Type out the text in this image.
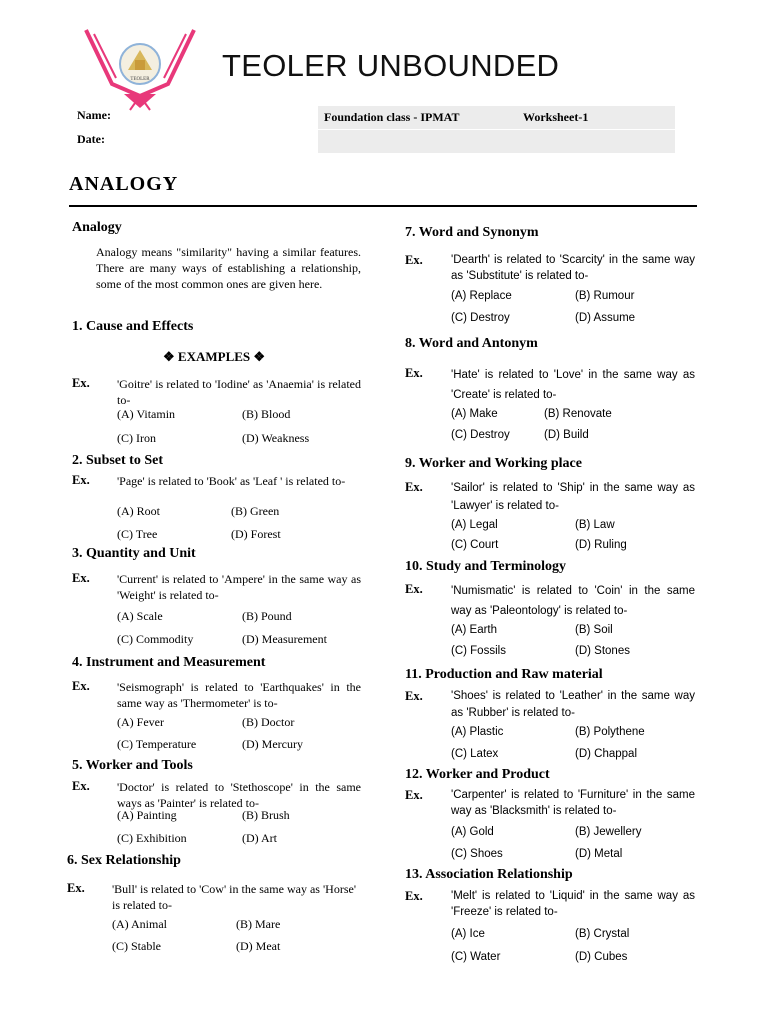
TEOLER TEOLER UNBOUNDED
Name:
Date:
Foundation class - IPMAT	Worksheet-1
ANALOGY
Analogy
Analogy means "similarity" having a similar features. There are many ways of establishing a relationship, some of the most common ones are given here.
1. Cause and Effects
❖ EXAMPLES ❖
Ex. 'Goitre' is related to 'Iodine' as 'Anaemia' is related to-
(A) Vitamin	(B) Blood
(C) Iron	(D) Weakness
2. Subset to Set
Ex. 'Page' is related to 'Book' as 'Leaf ' is related to-
(A) Root	(B) Green
(C) Tree	(D) Forest
3. Quantity and Unit
Ex. 'Current' is related to 'Ampere' in the same way as 'Weight' is related to-
(A) Scale	(B) Pound
(C) Commodity	(D) Measurement
4. Instrument and Measurement
Ex. 'Seismograph' is related to 'Earthquakes' in the same way as 'Thermometer' is to-
(A) Fever	(B) Doctor
(C) Temperature	(D) Mercury
5. Worker and Tools
Ex. 'Doctor' is related to 'Stethoscope' in the same ways as 'Painter' is related to-
(A) Painting	(B) Brush
(C) Exhibition	(D) Art
6. Sex Relationship
Ex. 'Bull' is related to 'Cow' in the same way as 'Horse' is related to-
(A) Animal	(B) Mare
(C) Stable	(D) Meat
7. Word and Synonym
Ex. 'Dearth' is related to 'Scarcity' in the same way as 'Substitute' is related to-
(A) Replace	(B) Rumour
(C) Destroy	(D) Assume
8. Word and Antonym
Ex. 'Hate' is related to 'Love' in the same way as 'Create' is related to-
(A) Make	(B) Renovate
(C) Destroy	(D) Build
9. Worker and Working place
Ex. 'Sailor' is related to 'Ship' in the same way as 'Lawyer' is related to-
(A) Legal	(B) Law
(C) Court	(D) Ruling
10. Study and Terminology
Ex. 'Numismatic' is related to 'Coin' in the same way as 'Paleontology' is related to-
(A) Earth	(B) Soil
(C) Fossils	(D) Stones
11. Production and Raw material
Ex. 'Shoes' is related to 'Leather' in the same way as 'Rubber' is related to-
(A) Plastic	(B) Polythene
(C) Latex	(D) Chappal
12. Worker and Product
Ex. 'Carpenter' is related to 'Furniture' in the same way as 'Blacksmith' is related to-
(A) Gold	(B) Jewellery
(C) Shoes	(D) Metal
13. Association Relationship
Ex. 'Melt' is related to 'Liquid' in the same way as 'Freeze' is related to-
(A) Ice	(B) Crystal
(C) Water	(D) Cubes
